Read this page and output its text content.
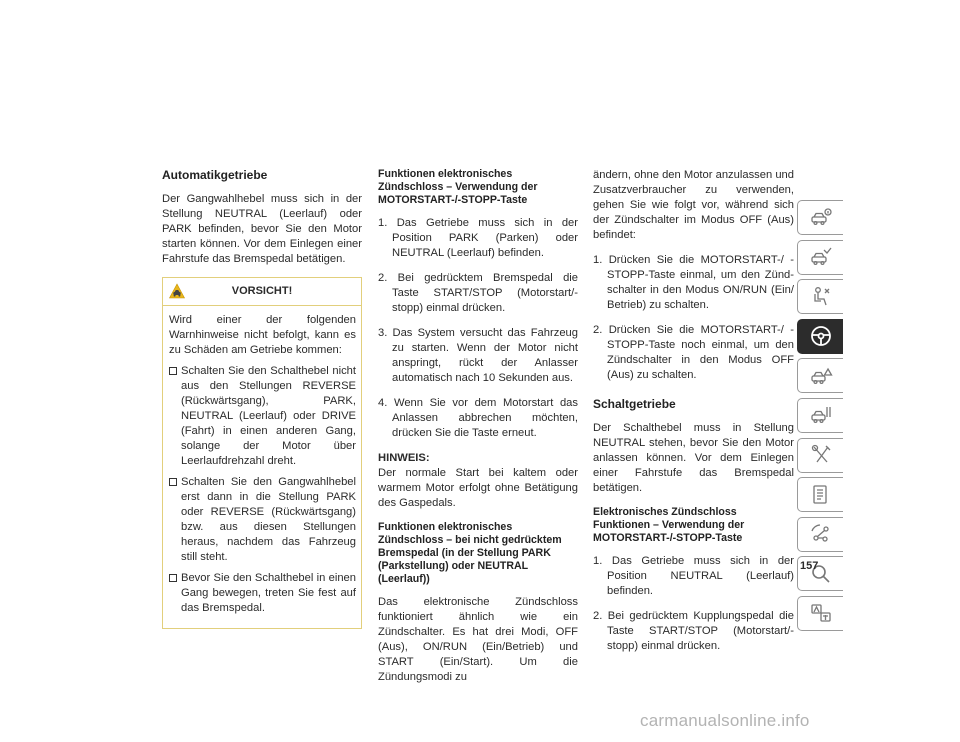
Automatikgetriebe

Der Gangwahlhebel muss sich in der Stellung NEUTRAL (Leerlauf) oder PARK befinden, bevor Sie den Motor starten können. Vor dem Einlegen einer Fahrstufe das Bremspedal betätigen.

VORSICHT!

Wird einer der folgenden Warnhinweise nicht befolgt, kann es zu Schäden am Getriebe kommen:

Schalten Sie den Schalthebel nicht aus den Stellungen REVERSE (Rückwärtsgang), PARK, NEUTRAL (Leerlauf) oder DRIVE (Fahrt) in einen anderen Gang, solange der Motor über Leerlaufdrehzahl dreht.
Schalten Sie den Gangwahlhebel erst dann in die Stellung PARK oder REVERSE (Rückwärtsgang) bzw. aus diesen Stellungen heraus, nachdem das Fahrzeug still steht.
Bevor Sie den Schalthebel in einen Gang bewegen, treten Sie fest auf das Bremspedal.
Funktionen elektronisches Zündschloss – Verwendung der MOTORSTART-/-STOPP-Taste
1. Das Getriebe muss sich in der Position PARK (Parken) oder NEUTRAL (Leerlauf) befinden.
2. Bei gedrücktem Bremspedal die Taste START/STOP (Motorstart/-stopp) einmal drücken.
3. Das System versucht das Fahrzeug zu starten. Wenn der Motor nicht anspringt, rückt der Anlasser automatisch nach 10 Sekunden aus.
4. Wenn Sie vor dem Motorstart das Anlassen abbrechen möchten, drücken Sie die Taste erneut.

HINWEIS:
Der normale Start bei kaltem oder warmem Motor erfolgt ohne Betätigung des Gaspedals.

Funktionen elektronisches Zündschloss – bei nicht gedrücktem Bremspedal (in der Stellung PARK (Parkstellung) oder NEUTRAL (Leerlauf))

Das elektronische Zündschloss funktioniert ähnlich wie ein Zündschalter. Es hat drei Modi, OFF (Aus), ON/RUN (Ein/Betrieb) und START (Ein/Start). Um die Zündungsmodi zu

ändern, ohne den Motor anzulassen und Zusatzverbraucher zu verwenden, gehen Sie wie folgt vor, während sich der Zündschalter im Modus OFF (Aus) befindet:

1. Drücken Sie die MOTORSTART-/ -STOPP-Taste einmal, um den Zündschalter in den Modus ON/RUN (Ein/ Betrieb) zu schalten.
2. Drücken Sie die MOTORSTART-/ -STOPP-Taste noch einmal, um den Zündschalter in den Modus OFF (Aus) zu schalten.
Schaltgetriebe

Der Schalthebel muss in Stellung NEUTRAL stehen, bevor Sie den Motor anlassen können. Vor dem Einlegen einer Fahrstufe das Bremspedal betätigen.

Elektronisches Zündschloss Funktionen – Verwendung der MOTORSTART-/-STOPP-Taste
1. Das Getriebe muss sich in der Position NEUTRAL (Leerlauf) befinden.
2. Bei gedrücktem Kupplungspedal die Taste START/STOP (Motorstart/-stopp) einmal drücken.
157
carmanualsonline.info
